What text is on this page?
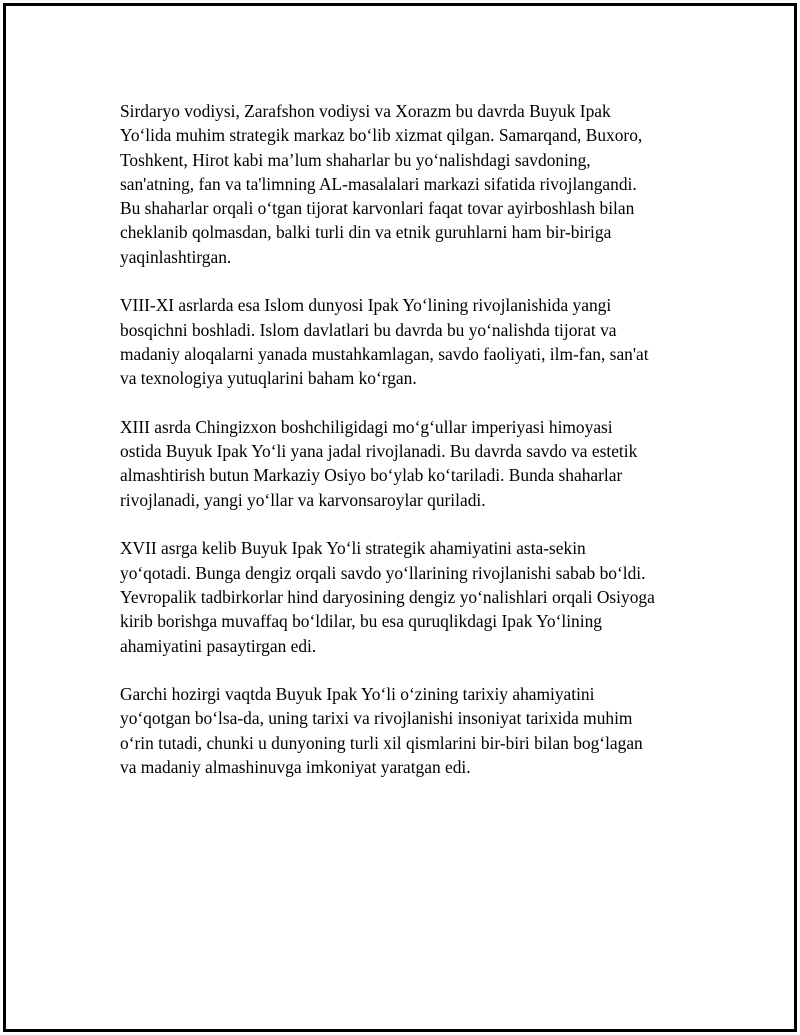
Sirdaryo vodiysi, Zarafshon vodiysi va Xorazm bu davrda Buyuk Ipak
Yo‘lida muhim strategik markaz bo‘lib xizmat qilgan. Samarqand, Buxoro,
Toshkent, Hirot kabi ma’lum shaharlar bu yo‘nalishdagi savdoning,
san'atning, fan va ta'limning AL-masalalari markazi sifatida rivojlangandi.
Bu shaharlar orqali o‘tgan tijorat karvonlari faqat tovar ayirboshlash bilan
cheklanib qolmasdan, balki turli din va etnik guruhlarni ham bir-biriga
yaqinlashtirgan.

VIII-XI asrlarda esa Islom dunyosi Ipak Yo‘lining rivojlanishida yangi
bosqichni boshladi. Islom davlatlari bu davrda bu yo‘nalishda tijorat va
madaniy aloqalarni yanada mustahkamlagan, savdo faoliyati, ilm-fan, san'at
va texnologiya yutuqlarini baham ko‘rgan.

XIII asrda Chingizxon boshchiligidagi mo‘g‘ullar imperiyasi himoyasi
ostida Buyuk Ipak Yo‘li yana jadal rivojlanadi. Bu davrda savdo va estetik
almashtirish butun Markaziy Osiyo bo‘ylab ko‘tariladi. Bunda shaharlar
rivojlanadi, yangi yo‘llar va karvonsaroylar quriladi.

XVII asrga kelib Buyuk Ipak Yo‘li strategik ahamiyatini asta-sekin
yo‘qotadi. Bunga dengiz orqali savdo yo‘llarining rivojlanishi sabab bo‘ldi.
Yevropalik tadbirkorlar hind daryosining dengiz yo‘nalishlari orqali Osiyoga
kirib borishga muvaffaq bo‘ldilar, bu esa quruqlikdagi Ipak Yo‘lining
ahamiyatini pasaytirgan edi.

Garchi hozirgi vaqtda Buyuk Ipak Yo‘li o‘zining tarixiy ahamiyatini
yo‘qotgan bo‘lsa-da, uning tarixi va rivojlanishi insoniyat tarixida muhim
o‘rin tutadi, chunki u dunyoning turli xil qismlarini bir-biri bilan bog‘lagan
va madaniy almashinuvga imkoniyat yaratgan edi.
